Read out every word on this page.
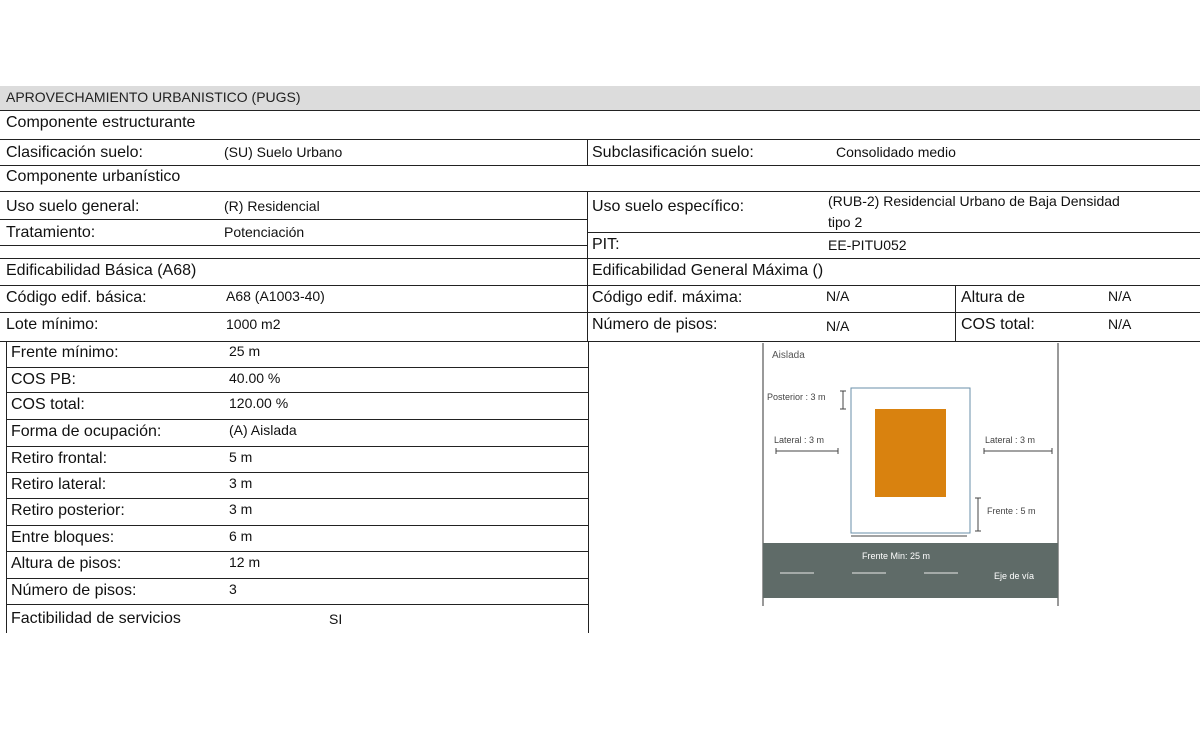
APROVECHAMIENTO URBANISTICO (PUGS)
Componente estructurante
Clasificación suelo:	(SU) Suelo Urbano	Subclasificación suelo:	Consolidado medio
Componente urbanístico
Uso suelo general:	(R) Residencial	Uso suelo específico:	(RUB-2) Residencial Urbano de Baja Densidad
tipo 2
Tratamiento:	Potenciación
PIT:	EE-PITU052
Edificabilidad Básica (A68)	Edificabilidad General Máxima ()
Código edif. básica:	A68 (A1003-40)	Código edif. máxima:	N/A	Altura de	N/A
Lote mínimo:	1000 m2	Número de pisos:	N/A	COS total:	N/A
Frente mínimo:	25 m
COS PB:	40.00 %
COS total:	120.00 %
Forma de ocupación:	(A) Aislada
Retiro frontal:	5 m
Retiro lateral:	3 m
Retiro posterior:	3 m
Entre bloques:	6 m
Altura de pisos:	12 m
Número de pisos:	3
Factibilidad de servicios	SI
Aislada
Posterior : 3 m
Lateral : 3 m	Lateral : 3 m
Frente : 5 m
Frente Min: 25 m
Eje de vía
